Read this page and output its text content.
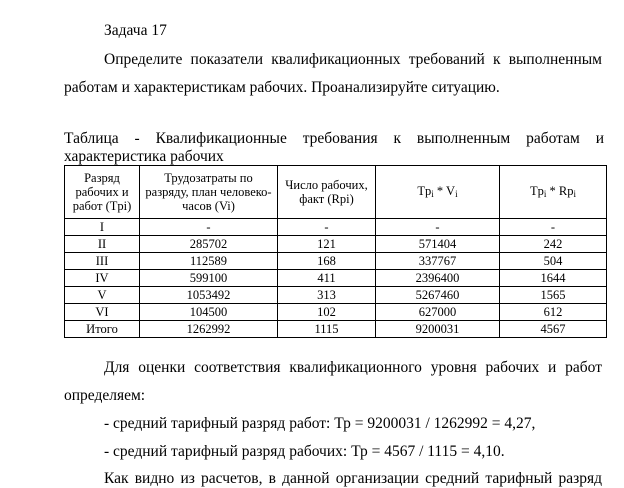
Задача 17
Определите показатели квалификационных требований к выполненным
работам и характеристикам рабочих. Проанализируйте ситуацию.
Таблица - Квалификационные требования к выполненным работам и
характеристика рабочих
Разряд рабочих и работ (Tpi)	Трудозатраты по разряду, план человеко-часов (Vi)	Число рабочих, факт (Rpi)	$Tp_i * V_i$	$Tp_i * Rp_i$
I	-	-	-	-
II	285702	121	571404	242
III	112589	168	337767	504
IV	599100	411	2396400	1644
V	1053492	313	5267460	1565
VI	104500	102	627000	612
Итого	1262992	1115	9200031	4567
Для оценки соответствия квалификационного уровня рабочих и работ
определяем:
- средний тарифный разряд работ: Тр = 9200031 / 1262992 = 4,27,
- средний тарифный разряд рабочих: Тр = 4567 / 1115 = 4,10.
Как видно из расчетов, в данной организации средний тарифный разряд
